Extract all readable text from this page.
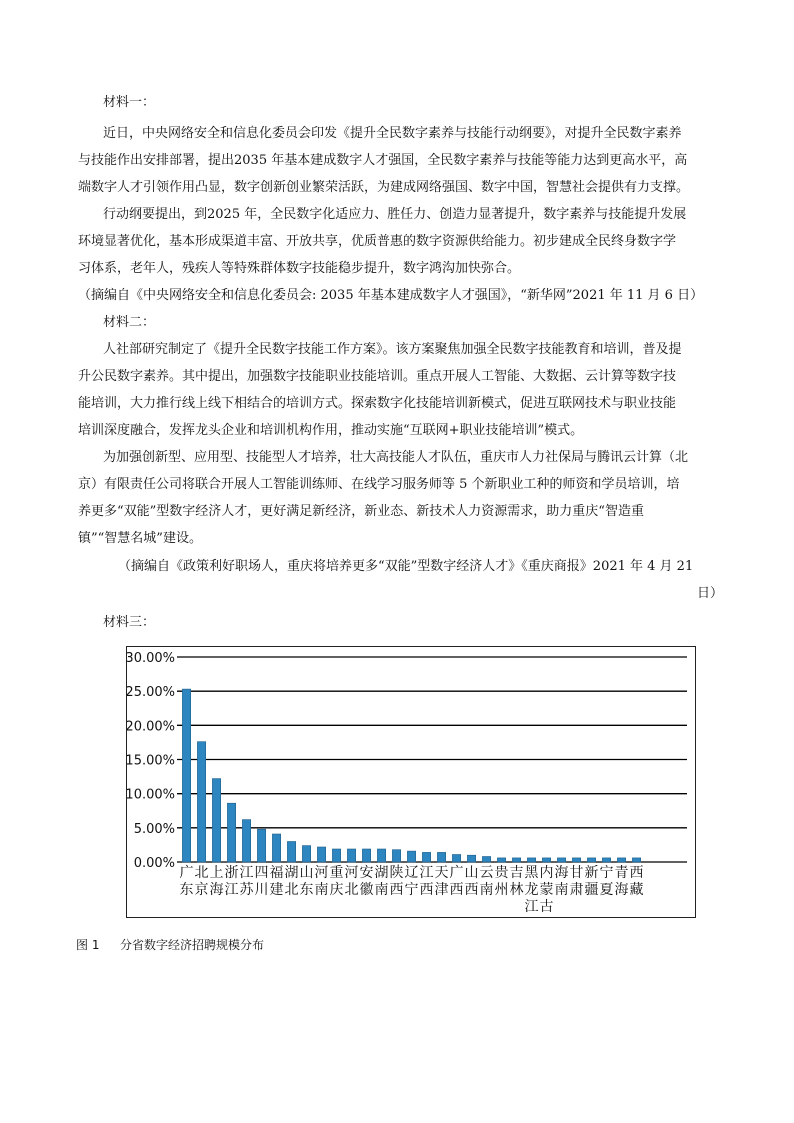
材料一：
近日，中央网络安全和信息化委员会印发《提升全民数字素养与技能行动纲要》，对提升全民数字素养
与技能作出安排部署，提出2035 年基本建成数字人才强国，全民数字素养与技能等能力达到更高水平，高
端数字人才引领作用凸显，数字创新创业繁荣活跃，为建成网络强国、数字中国，智慧社会提供有力支撑。
行动纲要提出，到2025 年，全民数字化适应力、胜任力、创造力显著提升，数字素养与技能提升发展
环境显著优化，基本形成渠道丰富、开放共享，优质普惠的数字资源供给能力。初步建成全民终身数字学
习体系，老年人，残疾人等特殊群体数字技能稳步提升，数字鸿沟加快弥合。
（摘编自《中央网络安全和信息化委员会: 2035 年基本建成数字人才强国》，“新华网”2021 年 11 月 6 日）
材料二：
人社部研究制定了《提升全民数字技能工作方案》。该方案聚焦加强全民数字技能教育和培训，普及提
升公民数字素养。其中提出，加强数字技能职业技能培训。重点开展人工智能、大数据、云计算等数字技
能培训，大力推行线上线下相结合的培训方式。探索数字化技能培训新模式，促进互联网技术与职业技能
培训深度融合，发挥龙头企业和培训机构作用，推动实施“互联网+职业技能培训”模式。
为加强创新型、应用型、技能型人才培养，壮大高技能人才队伍，重庆市人力社保局与腾讯云计算（北
京）有限责任公司将联合开展人工智能训练师、在线学习服务师等 5 个新职业工种的师资和学员培训，培
养更多“双能”型数字经济人才，更好满足新经济，新业态、新技术人力资源需求，助力重庆“智造重
镇”“智慧名城”建设。
（摘编自《政策利好职场人，重庆将培养更多“双能”型数字经济人才》《重庆商报》2021 年 4 月 21
日）
材料三：
0.00%
5.00%
10.00%
15.00%
20.00%
25.00%
30.00%
广东
北京
上海
浙江
江苏
四川
福建
湖北
山东
河南
重庆
河北
安徽
湖南
陕西
辽宁
江西
天津
广西
山西
云南
贵州
吉林
黑龙江
内蒙古
海南
甘肃
新疆
宁夏
青海
西藏
图 1 分省数字经济招聘规模分布
